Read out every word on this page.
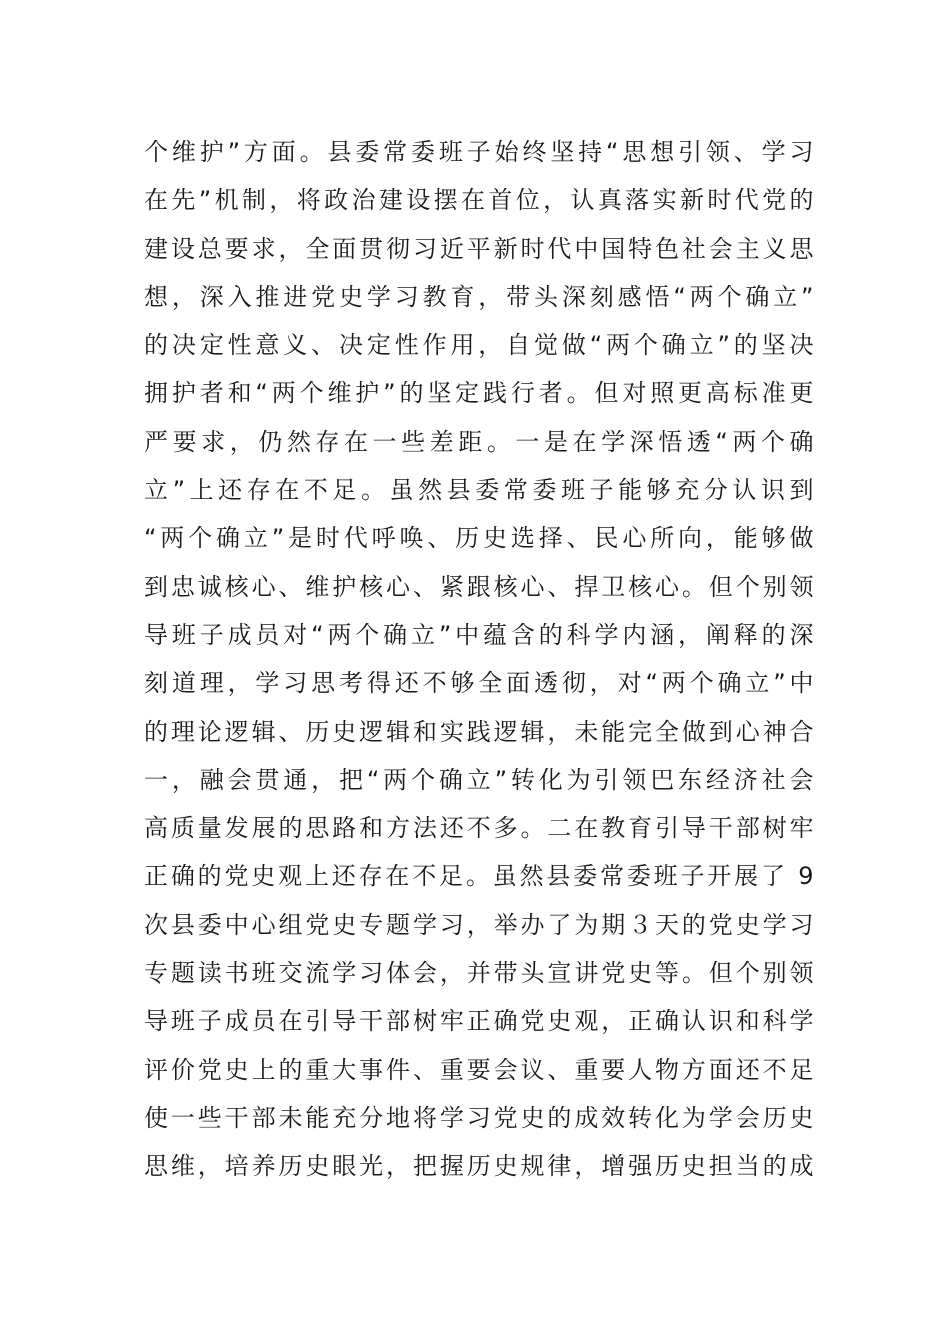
个维护”方面。县委常委班子始终坚持“思想引领、学习
在先”机制，将政治建设摆在首位，认真落实新时代党的
建设总要求，全面贯彻习近平新时代中国特色社会主义思
想，深入推进党史学习教育，带头深刻感悟“两个确立”
的决定性意义、决定性作用，自觉做“两个确立”的坚决
拥护者和“两个维护”的坚定践行者。但对照更高标准更
严要求，仍然存在一些差距。一是在学深悟透“两个确
立”上还存在不足。虽然县委常委班子能够充分认识到
“两个确立”是时代呼唤、历史选择、民心所向，能够做
到忠诚核心、维护核心、紧跟核心、捍卫核心。但个别领
导班子成员对“两个确立”中蕴含的科学内涵，阐释的深
刻道理，学习思考得还不够全面透彻，对“两个确立”中
的理论逻辑、历史逻辑和实践逻辑，未能完全做到心神合
一，融会贯通，把“两个确立”转化为引领巴东经济社会
高质量发展的思路和方法还不多。二在教育引导干部树牢
正确的党史观上还存在不足。虽然县委常委班子开展了 9
次县委中心组党史专题学习，举办了为期３天的党史学习
专题读书班交流学习体会，并带头宣讲党史等。但个别领
导班子成员在引导干部树牢正确党史观，正确认识和科学
评价党史上的重大事件、重要会议、重要人物方面还不足
使一些干部未能充分地将学习党史的成效转化为学会历史
思维，培养历史眼光，把握历史规律，增强历史担当的成
